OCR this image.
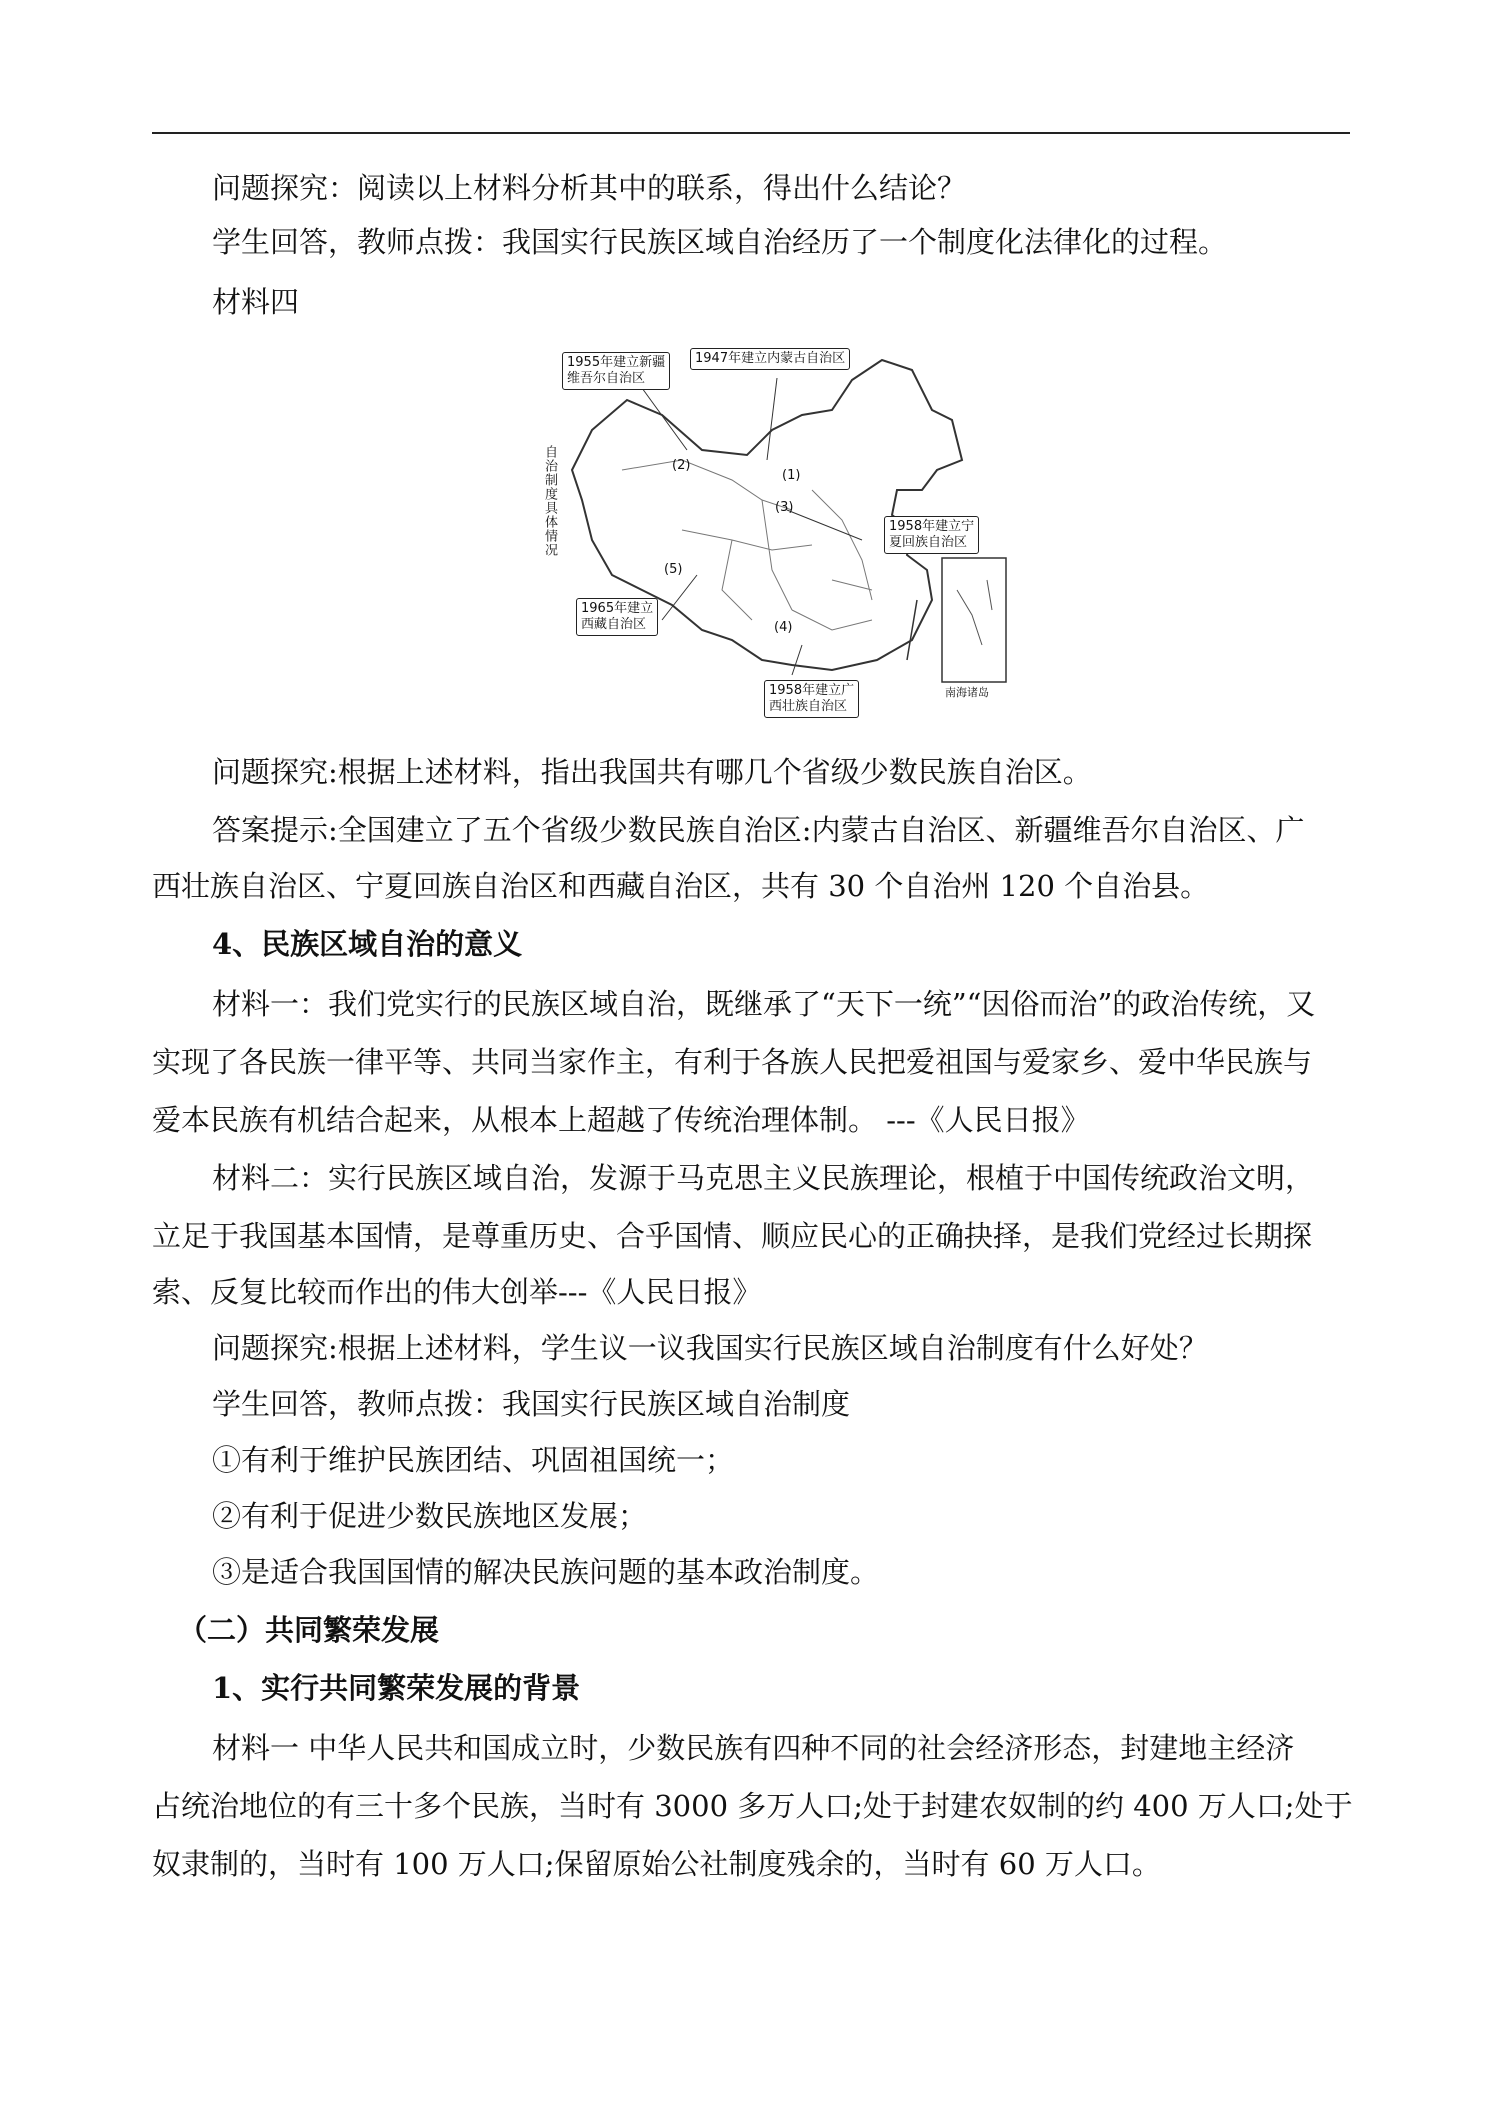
问题探究：阅读以上材料分析其中的联系，得出什么结论？
学生回答，教师点拨：我国实行民族区域自治经历了一个制度化法律化的过程。
材料四
自治制度具体情况
1955年建立新疆
维吾尔自治区
1947年建立内蒙古自治区
1958年建立宁
夏回族自治区
1965年建立
西藏自治区
1958年建立广
西壮族自治区
(1)
(2)
(3)
(4)
(5)
南海诸岛
问题探究:根据上述材料，指出我国共有哪几个省级少数民族自治区。
答案提示:全国建立了五个省级少数民族自治区:内蒙古自治区、新疆维吾尔自治区、广
西壮族自治区、宁夏回族自治区和西藏自治区，共有 30 个自治州 120 个自治县。
4、民族区域自治的意义
材料一：我们党实行的民族区域自治，既继承了“天下一统”“因俗而治”的政治传统，又
实现了各民族一律平等、共同当家作主，有利于各族人民把爱祖国与爱家乡、爱中华民族与
爱本民族有机结合起来，从根本上超越了传统治理体制。 ---《人民日报》
材料二：实行民族区域自治，发源于马克思主义民族理论，根植于中国传统政治文明，
立足于我国基本国情，是尊重历史、合乎国情、顺应民心的正确抉择，是我们党经过长期探
索、反复比较而作出的伟大创举---《人民日报》
问题探究:根据上述材料，学生议一议我国实行民族区域自治制度有什么好处？
学生回答，教师点拨：我国实行民族区域自治制度
①有利于维护民族团结、巩固祖国统一；
②有利于促进少数民族地区发展；
③是适合我国国情的解决民族问题的基本政治制度。
（二）共同繁荣发展
1、实行共同繁荣发展的背景
材料一 中华人民共和国成立时，少数民族有四种不同的社会经济形态，封建地主经济
占统治地位的有三十多个民族，当时有 3000 多万人口;处于封建农奴制的约 400 万人口;处于
奴隶制的，当时有 100 万人口;保留原始公社制度残余的，当时有 60 万人口。
